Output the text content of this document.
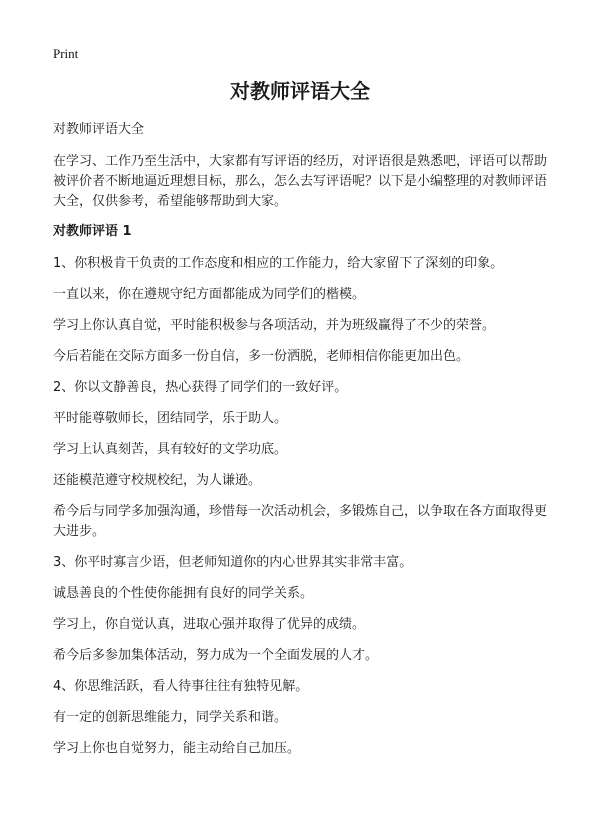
Print
对教师评语大全

对教师评语大全

在学习、工作乃至生活中，大家都有写评语的经历，对评语很是熟悉吧，评语可以帮助被评价者不断地逼近理想目标，那么，怎么去写评语呢？以下是小编整理的对教师评语大全，仅供参考，希望能够帮助到大家。

对教师评语 1

1、你积极肯干负责的工作态度和相应的工作能力，给大家留下了深刻的印象。

一直以来，你在遵规守纪方面都能成为同学们的楷模。

学习上你认真自觉，平时能积极参与各项活动，并为班级赢得了不少的荣誉。

今后若能在交际方面多一份自信，多一份洒脱，老师相信你能更加出色。

2、你以文静善良，热心获得了同学们的一致好评。

平时能尊敬师长，团结同学，乐于助人。

学习上认真刻苦，具有较好的文学功底。

还能模范遵守校规校纪，为人谦逊。

希今后与同学多加强沟通，珍惜每一次活动机会，多锻炼自己，以争取在各方面取得更大进步。

3、你平时寡言少语，但老师知道你的内心世界其实非常丰富。

诚恳善良的个性使你能拥有良好的同学关系。

学习上，你自觉认真，进取心强并取得了优异的成绩。

希今后多参加集体活动，努力成为一个全面发展的人才。

4、你思维活跃，看人待事往往有独特见解。

有一定的创新思维能力，同学关系和谐。

学习上你也自觉努力，能主动给自己加压。
